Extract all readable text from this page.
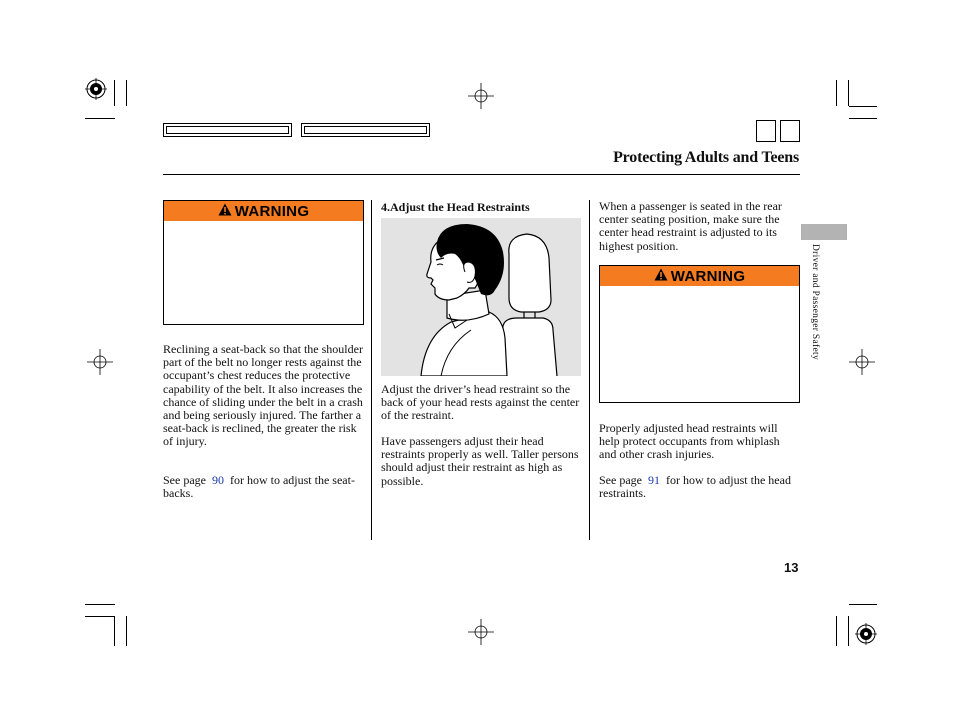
Protecting Adults and Teens
WARNING
Reclining a seat-back so that the shoulder part of the belt no longer rests against the occupant’s chest reduces the protective capability of the belt. It also increases the chance of sliding under the belt in a crash and being seriously injured. The farther a seat-back is reclined, the greater the risk of injury.
See page 90 for how to adjust the seat-backs.
4.Adjust the Head Restraints
Adjust the driver’s head restraint so the back of your head rests against the center of the restraint.
Have passengers adjust their head restraints properly as well. Taller persons should adjust their restraint as high as possible.
When a passenger is seated in the rear center seating position, make sure the center head restraint is adjusted to its highest position.
WARNING
Properly adjusted head restraints will help protect occupants from whiplash and other crash injuries.
See page 91 for how to adjust the head restraints.
Driver and Passenger Safety
13
